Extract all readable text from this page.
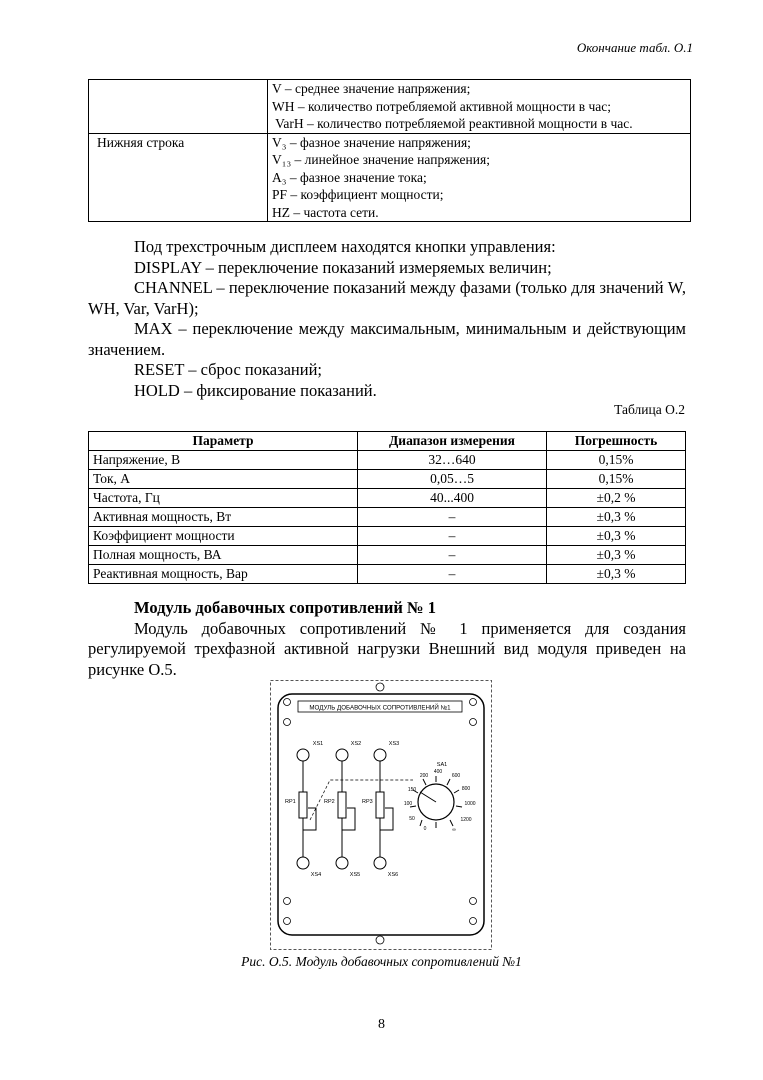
Окончание табл. О.1

	V – среднее значение напряжения;
WH – количество потребляемой активной мощности в час;
VarH – количество потребляемой реактивной мощности в час.

Нижняя строка	V₃ – фазное значение напряжения;
V₁₃ – линейное значение напряжения;
A₃ – фазное значение тока;
PF – коэффициент мощности;
HZ – частота сети.

Под трехстрочным дисплеем находятся кнопки управления:

DISPLAY – переключение показаний измеряемых величин;

CHANNEL – переключение показаний между фазами (только для значений W, WH, Var, VarH);

MAX – переключение между максимальным, минимальным и действующим значением.

RESET – сброс показаний;

HOLD – фиксирование показаний.

Таблица О.2
Параметр	Диапазон измерения	Погрешность
Напряжение, В	32…640	0,15%
Ток, А	0,05…5	0,15%
Частота, Гц	40...400	±0,2 %
Активная мощность, Вт	–	±0,3 %
Коэффициент мощности	–	±0,3 %
Полная мощность, ВА	–	±0,3 %
Реактивная мощность, Вар	–	±0,3 %

Модуль добавочных сопротивлений № 1

Модуль добавочных сопротивлений № 1 применяется для создания регулируемой трехфазной активной нагрузки Внешний вид модуля приведен на рисунке О.5.

МОДУЛЬ ДОБАВОЧНЫХ СОПРОТИВЛЕНИЙ №1
XS1	XS2	XS3
XS4	XS5	XS6
RP1	RP2	RP3
SA1
0
50
100
150
200
400
600
800
1000
1200
∞
Рис. О.5. Модуль добавочных сопротивлений №1
8
